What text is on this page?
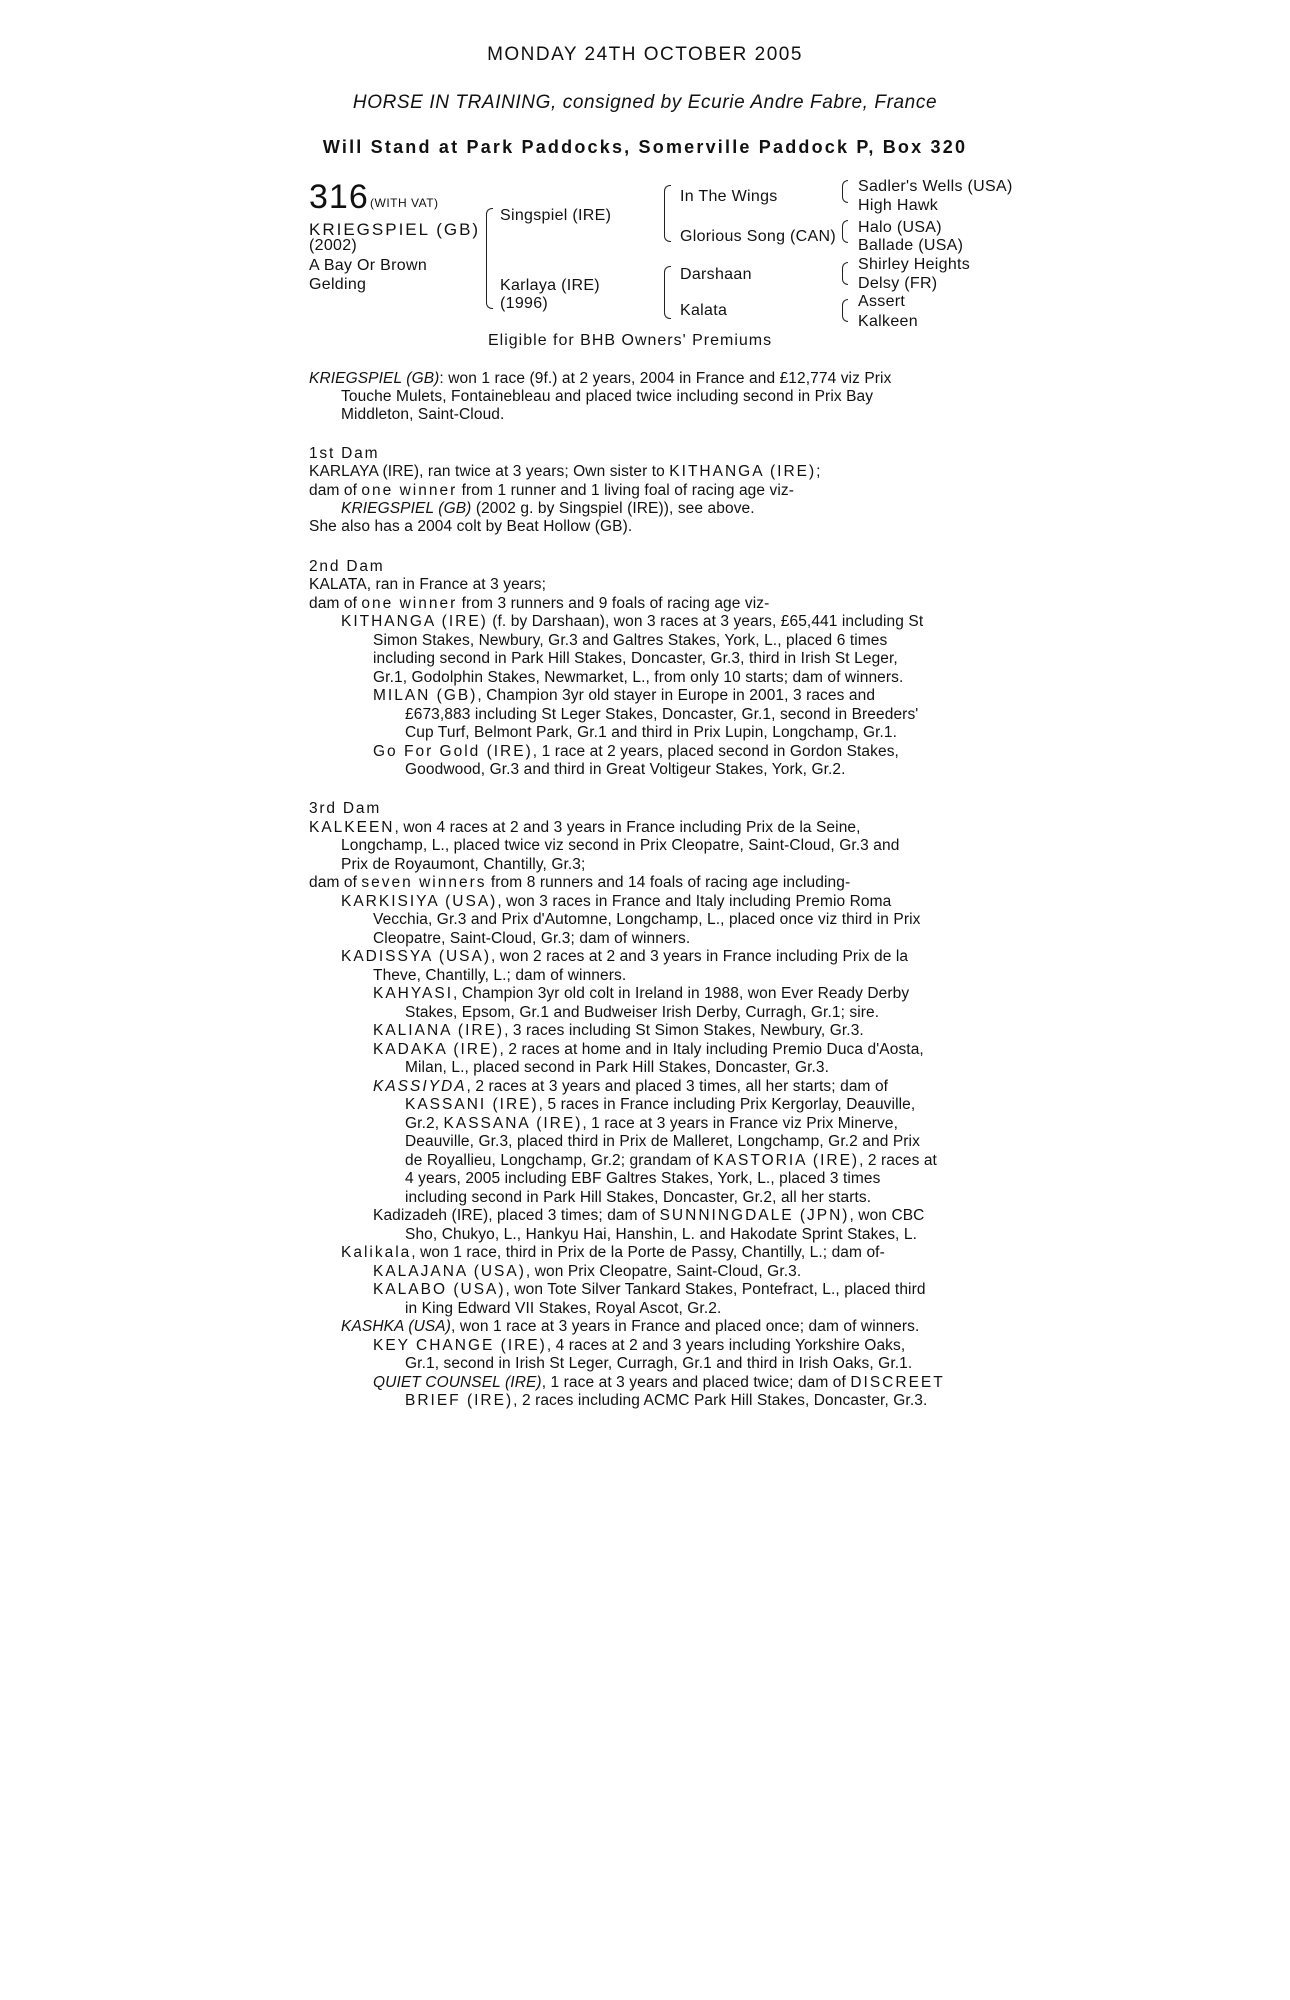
MONDAY 24TH OCTOBER 2005
HORSE IN TRAINING, consigned by Ecurie Andre Fabre, France
Will Stand at Park Paddocks, Somerville Paddock P, Box 320
316 (WITH VAT)
KRIEGSPIEL (GB)
(2002)
A Bay Or Brown
Gelding
Singspiel (IRE)
Karlaya (IRE)
(1996)
In The Wings
Glorious Song (CAN)
Darshaan
Kalata
Sadler's Wells (USA)
High Hawk
Halo (USA)
Ballade (USA)
Shirley Heights
Delsy (FR)
Assert
Kalkeen
Eligible for BHB Owners' Premiums
KRIEGSPIEL (GB): won 1 race (9f.) at 2 years, 2004 in France and £12,774 viz Prix
Touche Mulets, Fontainebleau and placed twice including second in Prix Bay
Middleton, Saint-Cloud.
1st Dam
KARLAYA (IRE), ran twice at 3 years; Own sister to KITHANGA (IRE);
dam of one winner from 1 runner and 1 living foal of racing age viz-
KRIEGSPIEL (GB) (2002 g. by Singspiel (IRE)), see above.
She also has a 2004 colt by Beat Hollow (GB).
2nd Dam
KALATA, ran in France at 3 years;
dam of one winner from 3 runners and 9 foals of racing age viz-
KITHANGA (IRE) (f. by Darshaan), won 3 races at 3 years, £65,441 including St
Simon Stakes, Newbury, Gr.3 and Galtres Stakes, York, L., placed 6 times
including second in Park Hill Stakes, Doncaster, Gr.3, third in Irish St Leger,
Gr.1, Godolphin Stakes, Newmarket, L., from only 10 starts; dam of winners.
MILAN (GB), Champion 3yr old stayer in Europe in 2001, 3 races and
£673,883 including St Leger Stakes, Doncaster, Gr.1, second in Breeders'
Cup Turf, Belmont Park, Gr.1 and third in Prix Lupin, Longchamp, Gr.1.
Go For Gold (IRE), 1 race at 2 years, placed second in Gordon Stakes,
Goodwood, Gr.3 and third in Great Voltigeur Stakes, York, Gr.2.
3rd Dam
KALKEEN, won 4 races at 2 and 3 years in France including Prix de la Seine,
Longchamp, L., placed twice viz second in Prix Cleopatre, Saint-Cloud, Gr.3 and
Prix de Royaumont, Chantilly, Gr.3;
dam of seven winners from 8 runners and 14 foals of racing age including-
KARKISIYA (USA), won 3 races in France and Italy including Premio Roma
Vecchia, Gr.3 and Prix d'Automne, Longchamp, L., placed once viz third in Prix
Cleopatre, Saint-Cloud, Gr.3; dam of winners.
KADISSYA (USA), won 2 races at 2 and 3 years in France including Prix de la
Theve, Chantilly, L.; dam of winners.
KAHYASI, Champion 3yr old colt in Ireland in 1988, won Ever Ready Derby
Stakes, Epsom, Gr.1 and Budweiser Irish Derby, Curragh, Gr.1; sire.
KALIANA (IRE), 3 races including St Simon Stakes, Newbury, Gr.3.
KADAKA (IRE), 2 races at home and in Italy including Premio Duca d'Aosta,
Milan, L., placed second in Park Hill Stakes, Doncaster, Gr.3.
KASSIYDA, 2 races at 3 years and placed 3 times, all her starts; dam of
KASSANI (IRE), 5 races in France including Prix Kergorlay, Deauville,
Gr.2, KASSANA (IRE), 1 race at 3 years in France viz Prix Minerve,
Deauville, Gr.3, placed third in Prix de Malleret, Longchamp, Gr.2 and Prix
de Royallieu, Longchamp, Gr.2; grandam of KASTORIA (IRE), 2 races at
4 years, 2005 including EBF Galtres Stakes, York, L., placed 3 times
including second in Park Hill Stakes, Doncaster, Gr.2, all her starts.
Kadizadeh (IRE), placed 3 times; dam of SUNNINGDALE (JPN), won CBC
Sho, Chukyo, L., Hankyu Hai, Hanshin, L. and Hakodate Sprint Stakes, L.
Kalikala, won 1 race, third in Prix de la Porte de Passy, Chantilly, L.; dam of-
KALAJANA (USA), won Prix Cleopatre, Saint-Cloud, Gr.3.
KALABO (USA), won Tote Silver Tankard Stakes, Pontefract, L., placed third
in King Edward VII Stakes, Royal Ascot, Gr.2.
KASHKA (USA), won 1 race at 3 years in France and placed once; dam of winners.
KEY CHANGE (IRE), 4 races at 2 and 3 years including Yorkshire Oaks,
Gr.1, second in Irish St Leger, Curragh, Gr.1 and third in Irish Oaks, Gr.1.
QUIET COUNSEL (IRE), 1 race at 3 years and placed twice; dam of DISCREET
BRIEF (IRE), 2 races including ACMC Park Hill Stakes, Doncaster, Gr.3.
